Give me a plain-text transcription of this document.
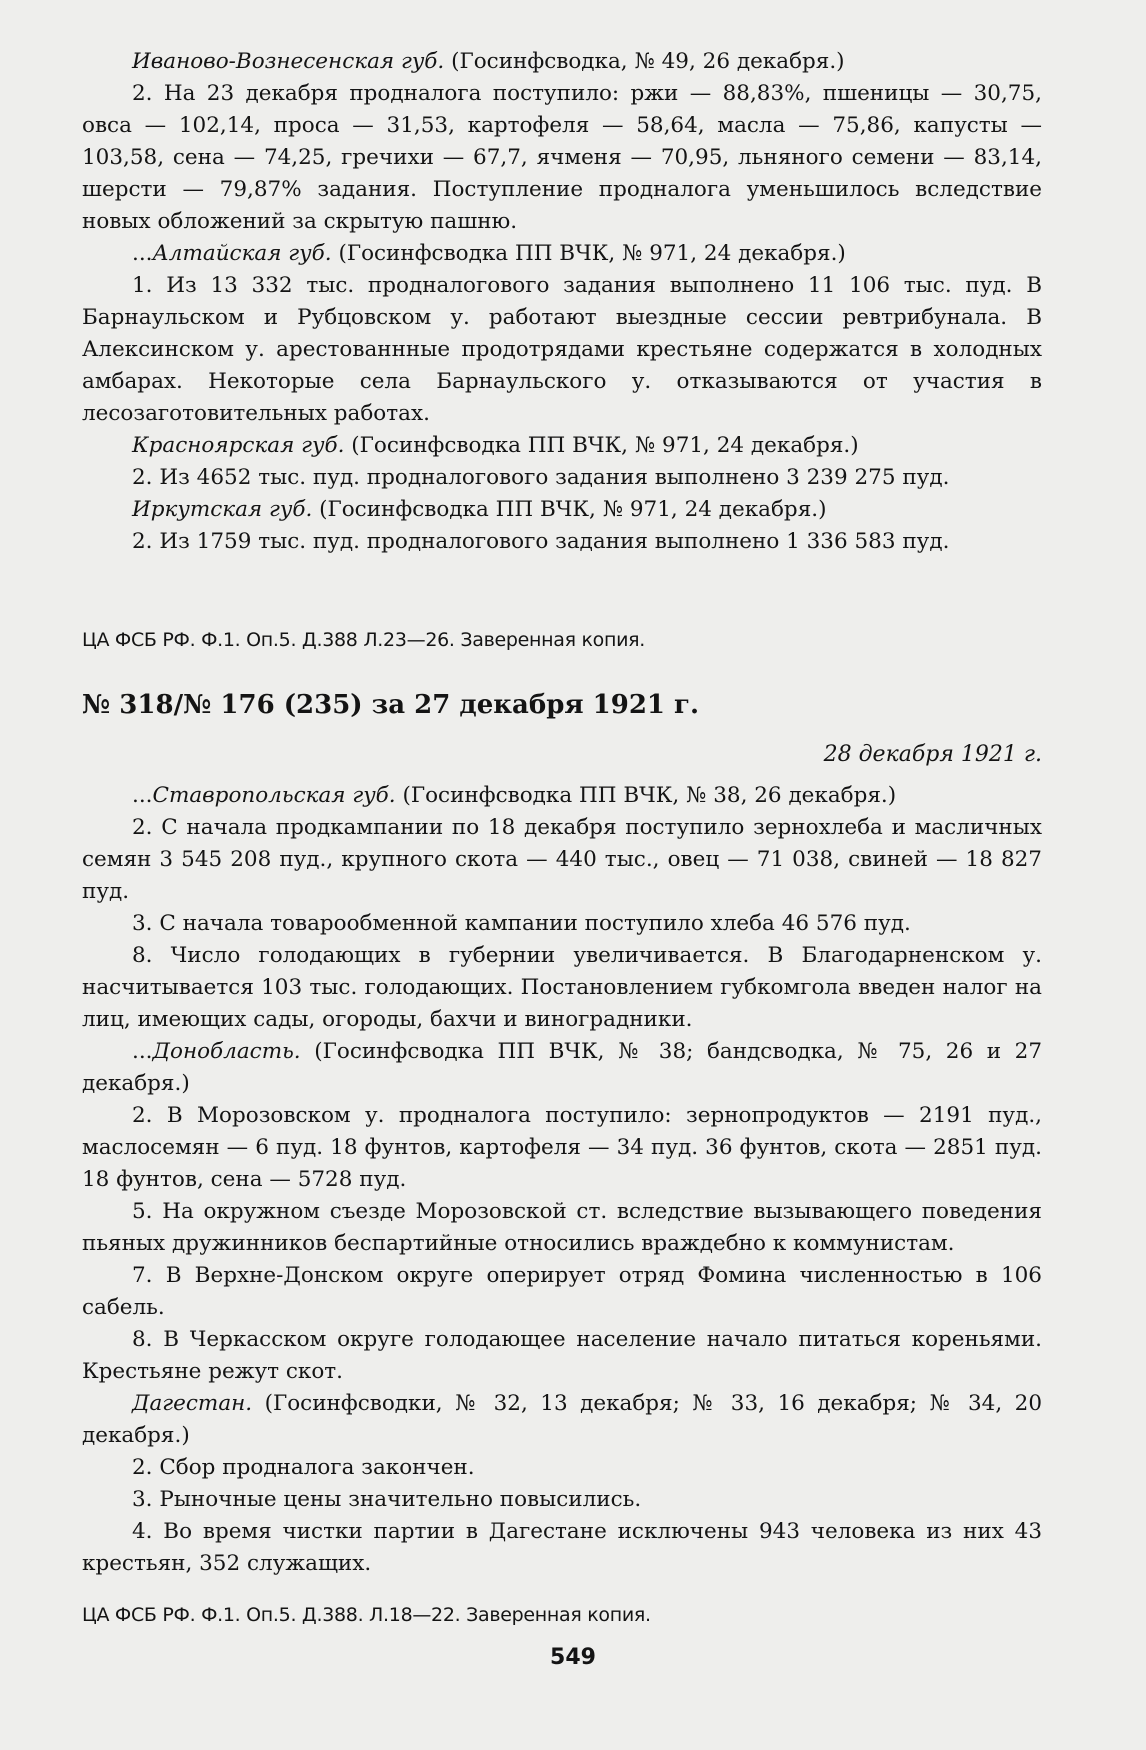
Иваново-Вознесенская губ. (Госинфсводка, № 49, 26 декабря.)

2. На 23 декабря продналога поступило: ржи — 88,83%, пшеницы — 30,75, овса — 102,14, проса — 31,53, картофеля — 58,64, масла — 75,86, капусты — 103,58, сена — 74,25, гречихи — 67,7, ячменя — 70,95, льняного семени — 83,14, шерсти — 79,87% задания. Поступление продналога уменьшилось вследствие новых обложений за скрытую пашню.

...Алтайская губ. (Госинфсводка ПП ВЧК, № 971, 24 декабря.)

1. Из 13 332 тыс. продналогового задания выполнено 11 106 тыс. пуд. В Барнаульском и Рубцовском у. работают выездные сессии ревтрибунала. В Алексинском у. арестованнные продотрядами крестьяне содержатся в холодных амбарах. Некоторые села Барнаульского у. отказываются от участия в лесозаготовительных работах.

Красноярская губ. (Госинфсводка ПП ВЧК, № 971, 24 декабря.)

2. Из 4652 тыс. пуд. продналогового задания выполнено 3 239 275 пуд.

Иркутская губ. (Госинфсводка ПП ВЧК, № 971, 24 декабря.)

2. Из 1759 тыс. пуд. продналогового задания выполнено 1 336 583 пуд.

ЦА ФСБ РФ. Ф.1. Оп.5. Д.388 Л.23—26. Заверенная копия.
№ 318/№ 176 (235) за 27 декабря 1921 г.
28 декабря 1921 г.

...Ставропольская губ. (Госинфсводка ПП ВЧК, № 38, 26 декабря.)

2. С начала продкампании по 18 декабря поступило зернохлеба и масличных семян 3 545 208 пуд., крупного скота — 440 тыс., овец — 71 038, свиней — 18 827 пуд.

3. С начала товарообменной кампании поступило хлеба 46 576 пуд.

8. Число голодающих в губернии увеличивается. В Благодарненском у. насчитывается 103 тыс. голодающих. Постановлением губкомгола введен налог на лиц, имеющих сады, огороды, бахчи и виноградники.

...Донобласть. (Госинфсводка ПП ВЧК, № 38; бандсводка, № 75, 26 и 27 декабря.)

2. В Морозовском у. продналога поступило: зернопродуктов — 2191 пуд., маслосемян — 6 пуд. 18 фунтов, картофеля — 34 пуд. 36 фунтов, скота — 2851 пуд. 18 фунтов, сена — 5728 пуд.

5. На окружном съезде Морозовской ст. вследствие вызывающего поведения пьяных дружинников беспартийные относились враждебно к коммунистам.

7. В Верхне-Донском округе оперирует отряд Фомина численностью в 106 сабель.

8. В Черкасском округе голодающее население начало питаться кореньями. Крестьяне режут скот.

Дагестан. (Госинфсводки, № 32, 13 декабря; № 33, 16 декабря; № 34, 20 декабря.)

2. Сбор продналога закончен.

3. Рыночные цены значительно повысились.

4. Во время чистки партии в Дагестане исключены 943 человека из них 43 крестьян, 352 служащих.

ЦА ФСБ РФ. Ф.1. Оп.5. Д.388. Л.18—22. Заверенная копия.
549
